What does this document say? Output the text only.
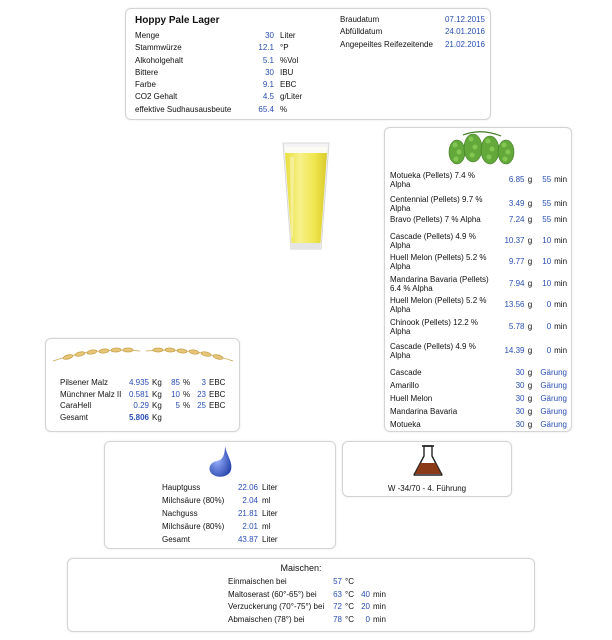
Hoppy Pale Lager
Menge	30	Liter
Stammwürze	12.1	°P
Alkoholgehalt	5.1	%Vol
Bittere	30	IBU
Farbe	9.1	EBC
CO2 Gehalt	4.5	g/Liter
effektive Sudhausausbeute	65.4	%
Braudatum	07.12.2015
Abfülldatum	24.01.2016
Angepeiltes Reifezeitende	21.02.2016
Motueka (Pellets) 7.4 % Alpha
6.85 g	55 min
Centennial (Pellets) 9.7 % Alpha
3.49 g	55 min
Bravo (Pellets) 7 % Alpha	7.24 g	55 min
Cascade (Pellets) 4.9 % Alpha
10.37 g	10 min
Huell Melon (Pellets) 5.2 % Alpha
9.77 g	10 min
Mandarina Bavaria (Pellets) 6.4 % Alpha
7.94 g	10 min
Huell Melon (Pellets) 5.2 % Alpha
13.56 g	0 min
Chinook (Pellets) 12.2 % Alpha
5.78 g	0 min
Cascade (Pellets) 4.9 % Alpha
14.39 g	0 min
Cascade	30 g	Gärung
Amarillo	30 g	Gärung
Huell Melon	30 g	Gärung
Mandarina Bavaria	30 g	Gärung
Motueka	30 g	Gärung
Pilsener Malz	4.935	Kg	85	%	3	EBC
Münchner Malz II	0.581	Kg	10	%	23	EBC
CaraHell	0.29	Kg	5	%	25	EBC
Gesamt	5.806	Kg				
Hauptguss	22.06	Liter
Milchsäure (80%)	2.04	ml
Nachguss	21.81	Liter
Milchsäure (80%)	2.01	ml
Gesamt	43.87	Liter
W -34/70 - 4. Führung
Maischen:
Einmaischen bei	57	°C		
Maltoserast (60°-65°) bei	63	°C	40	min
Verzuckerung (70°-75°) bei	72	°C	20	min
Abmaischen (78°) bei	78	°C	0	min
